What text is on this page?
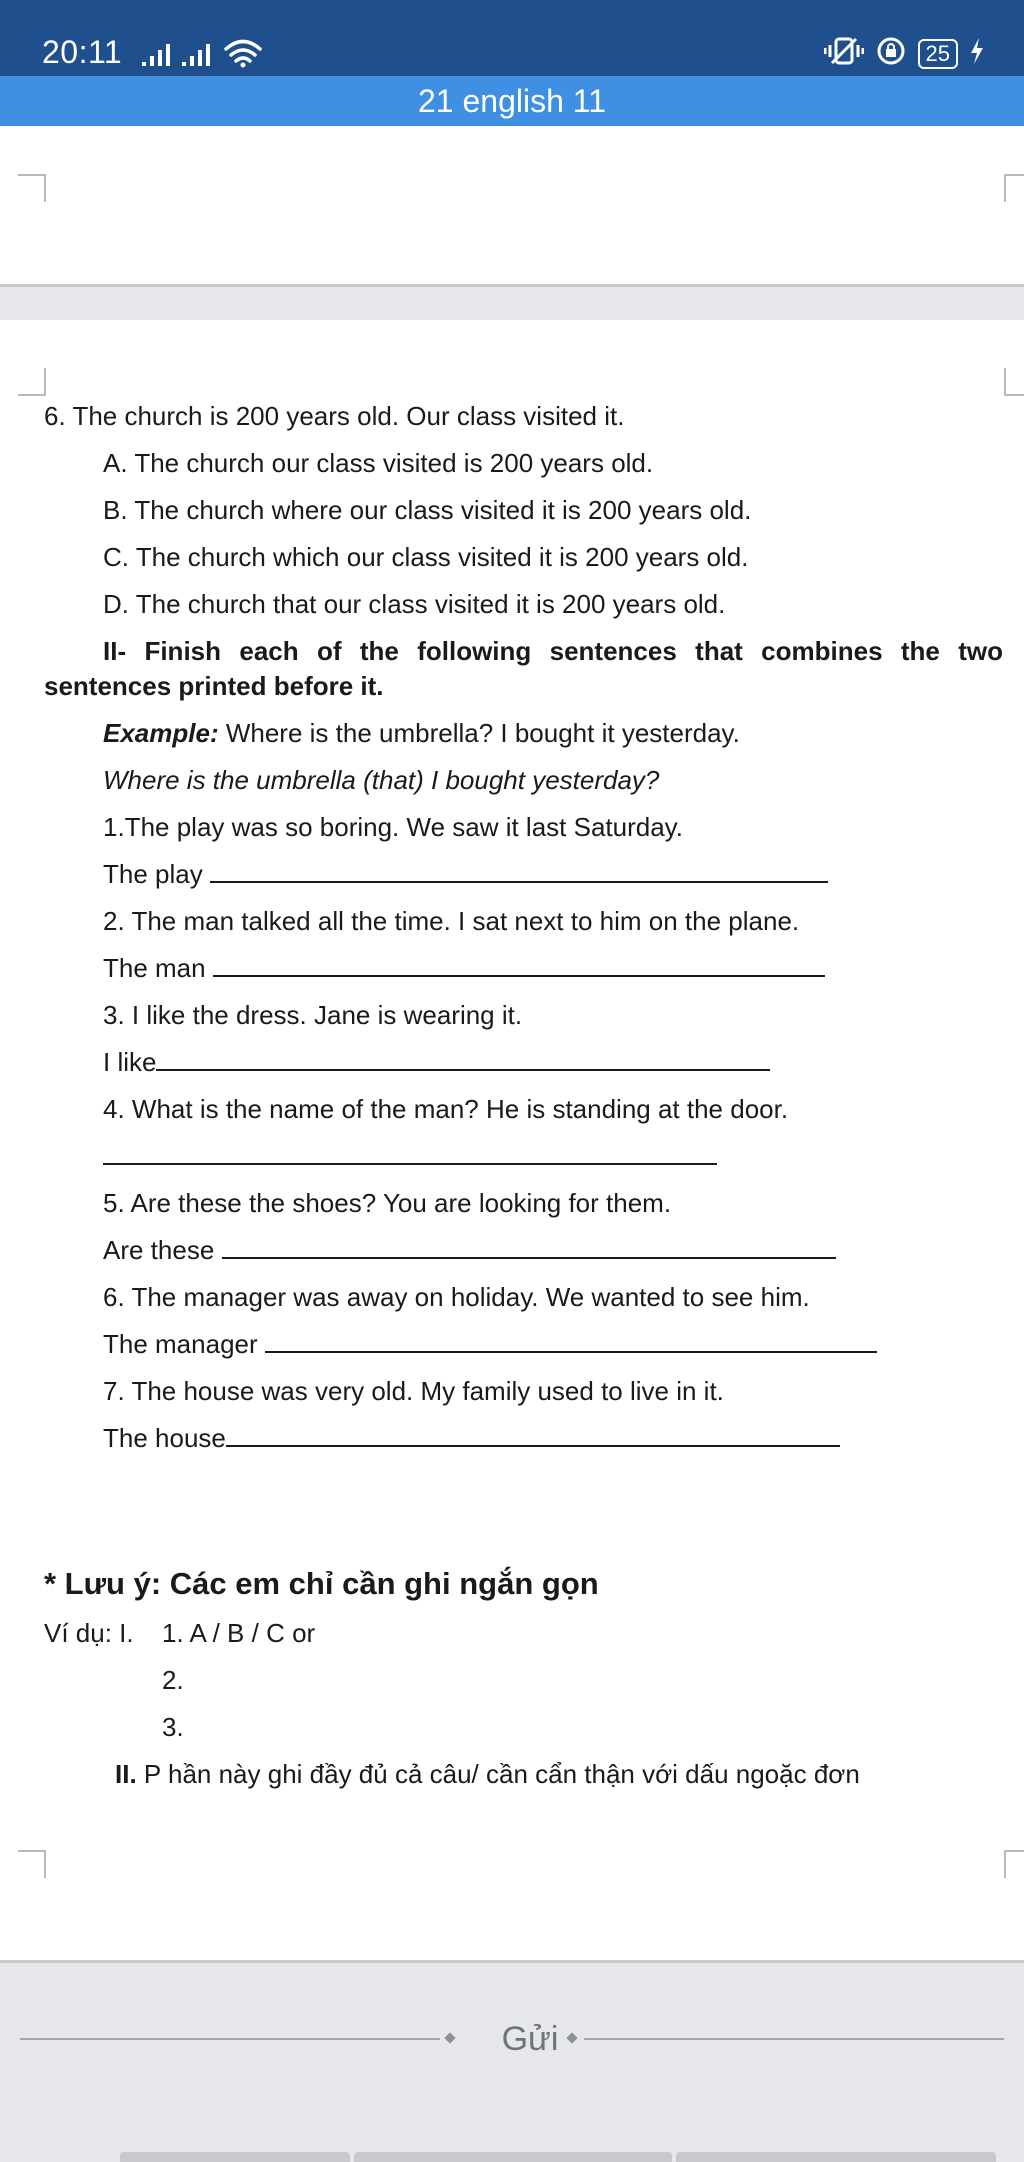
20:11	25
21 english 11
6. The church is 200 years old. Our class visited it.
A. The church our class visited is 200 years old.
B. The church where our class visited it is 200 years old.
C. The church which our class visited it is 200 years old.
D. The church that our class visited it is 200 years old.
II- Finish each of the following sentences that combines the two
sentences printed before it.
Example: Where is the umbrella? I bought it yesterday.
Where is the umbrella (that) I bought yesterday?
1.The play was so boring. We saw it last Saturday.
The play
2. The man talked all the time. I sat next to him on the plane.
The man
3. I like the dress. Jane is wearing it.
I like
4. What is the name of the man? He is standing at the door.
5. Are these the shoes? You are looking for them.
Are these
6. The manager was away on holiday. We wanted to see him.
The manager
7. The house was very old. My family used to live in it.
The house
* Lưu ý: Các em chỉ cần ghi ngắn gọn
Ví dụ: I. 1. A / B / C or
2.
3.
II. P hần này ghi đầy đủ cả câu/ cần cẩn thận với dấu ngoặc đơn
Gửi
